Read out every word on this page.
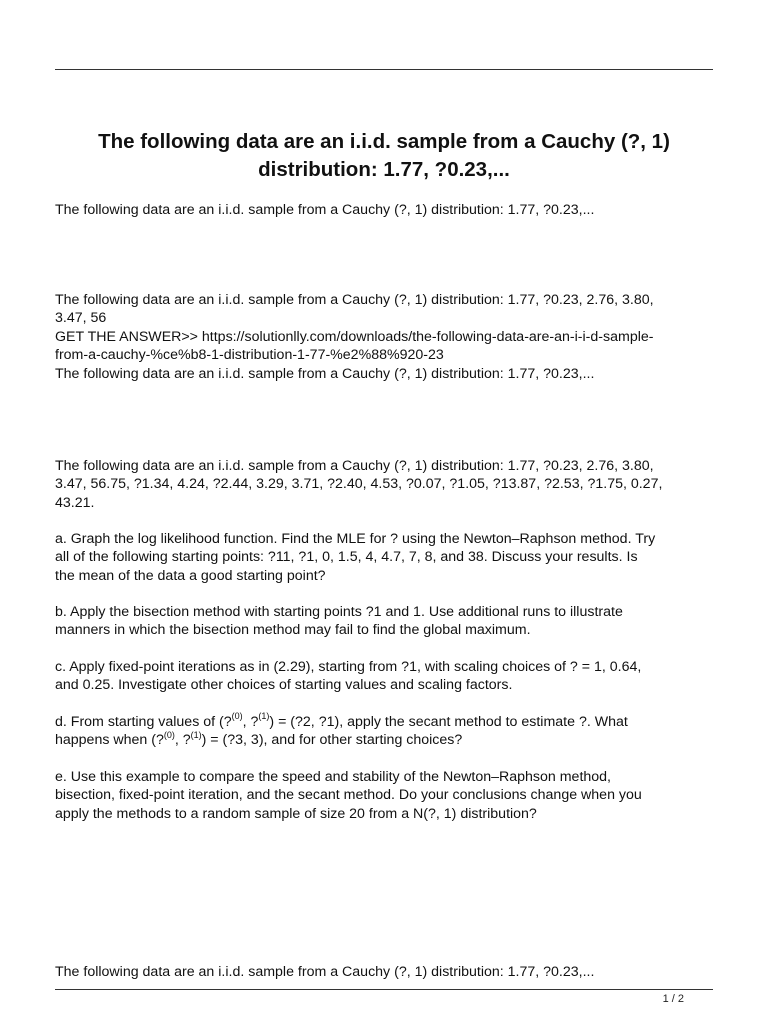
The following data are an i.i.d. sample from a Cauchy (?, 1)
distribution: 1.77, ?0.23,...

The following data are an i.i.d. sample from a Cauchy (?, 1) distribution: 1.77, ?0.23,...

The following data are an i.i.d. sample from a Cauchy (?, 1) distribution: 1.77, ?0.23, 2.76, 3.80,
3.47, 56
GET THE ANSWER>> https://solutionlly.com/downloads/the-following-data-are-an-i-i-d-sample-
from-a-cauchy-%ce%b8-1-distribution-1-77-%e2%88%920-23
The following data are an i.i.d. sample from a Cauchy (?, 1) distribution: 1.77, ?0.23,...
The following data are an i.i.d. sample from a Cauchy (?, 1) distribution: 1.77, ?0.23, 2.76, 3.80,
3.47, 56.75, ?1.34, 4.24, ?2.44, 3.29, 3.71, ?2.40, 4.53, ?0.07, ?1.05, ?13.87, ?2.53, ?1.75, 0.27,
43.21.
a. Graph the log likelihood function. Find the MLE for ? using the Newton–Raphson method. Try
all of the following starting points: ?11, ?1, 0, 1.5, 4, 4.7, 7, 8, and 38. Discuss your results. Is
the mean of the data a good starting point?
b. Apply the bisection method with starting points ?1 and 1. Use additional runs to illustrate
manners in which the bisection method may fail to find the global maximum.
c. Apply fixed-point iterations as in (2.29), starting from ?1, with scaling choices of ? = 1, 0.64,
and 0.25. Investigate other choices of starting values and scaling factors.
d. From starting values of (?$^{(0)}$, ?$^{(1)}$) = (?2, ?1), apply the secant method to estimate ?. What
happens when (?$^{(0)}$, ?$^{(1)}$) = (?3, 3), and for other starting choices?
e. Use this example to compare the speed and stability of the Newton–Raphson method,
bisection, fixed-point iteration, and the secant method. Do your conclusions change when you
apply the methods to a random sample of size 20 from a N(?, 1) distribution?

The following data are an i.i.d. sample from a Cauchy (?, 1) distribution: 1.77, ?0.23,...

1 / 2
